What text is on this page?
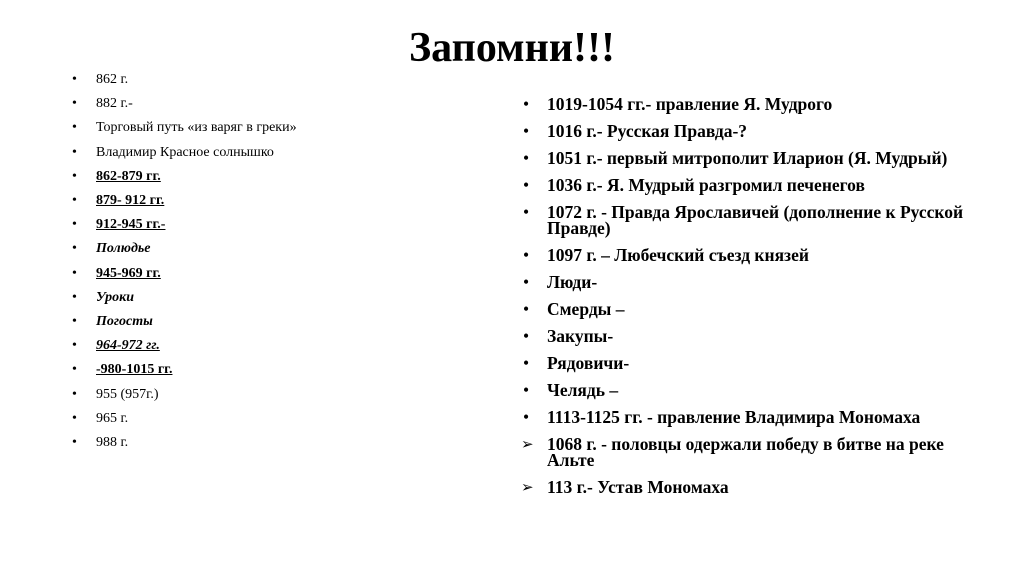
Запомни!!!
• 862 г.
• 882 г.-
• Торговый путь «из варяг в греки»
• Владимир Красное солнышко
• 862-879 гг.
• 879- 912 гг.
• 912-945 гг.-
• Полюдье
• 945-969 гг.
• Уроки
• Погосты
• 964-972 гг.
• -980-1015 гг.
• 955 (957г.)
• 965 г.
• 988 г.
• 1019-1054 гг.- правление Я. Мудрого
• 1016 г.- Русская Правда-?
• 1051 г.- первый митрополит Иларион (Я. Мудрый)
• 1036 г.- Я. Мудрый разгромил печенегов
• 1072 г. - Правда Ярославичей (дополнение к Русской Правде)
• 1097 г. – Любечский съезд князей
• Люди-
• Смерды –
• Закупы-
• Рядовичи-
• Челядь –
• 1113-1125 гг. - правление Владимира Мономаха
➢ 1068 г. - половцы одержали победу в битве на реке Альте
➢ 113 г.- Устав Мономаха
